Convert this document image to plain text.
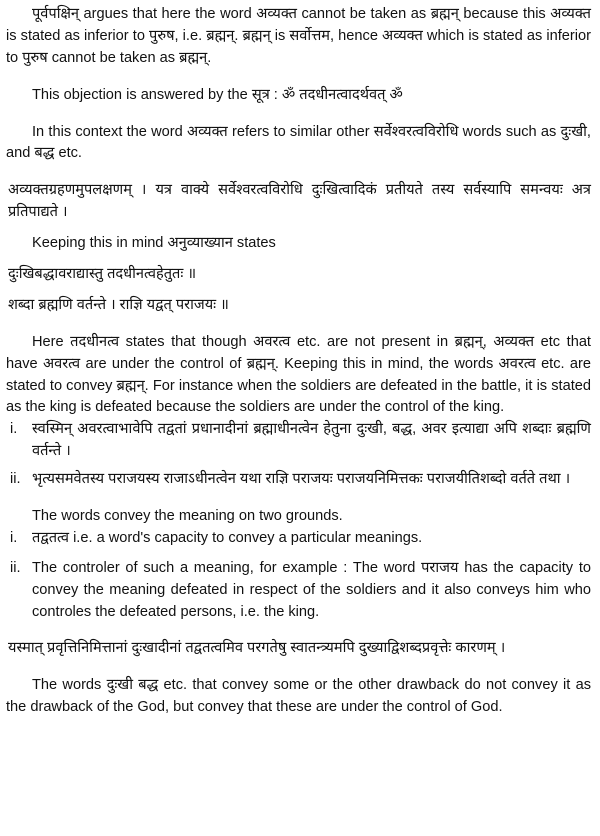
पूर्वपक्षिन् argues that here the word अव्यक्त cannot be taken as ब्रह्मन् because this अव्यक्त is stated as inferior to पुरुष, i.e. ब्रह्मन्. ब्रह्मन् is सर्वोत्तम, hence अव्यक्त which is stated as inferior to पुरुष cannot be taken as ब्रह्मन्.

This objection is answered by the सूत्र : ॐ तदधीनत्वादर्थवत् ॐ

In this context the word अव्यक्त refers to similar other सर्वेश्वरत्वविरोधि words such as दुःखी, and बद्ध etc.

अव्यक्तग्रहणमुपलक्षणम् । यत्र वाक्ये सर्वेश्वरत्वविरोधि दुःखित्वादिकं प्रतीयते तस्य सर्वस्यापि समन्वयः अत्र प्रतिपाद्यते ।

Keeping this in mind अनुव्याख्यान states

दुःखिबद्धावराद्यास्तु तदधीनत्वहेतुतः ॥

शब्दा ब्रह्मणि वर्तन्ते । राज्ञि यद्वत् पराजयः ॥

Here तदधीनत्व states that though अवरत्व etc. are not present in ब्रह्मन्, अव्यक्त etc that have अवरत्व are under the control of ब्रह्मन्. Keeping this in mind, the words अवरत्व etc. are stated to convey ब्रह्मन्. For instance when the soldiers are defeated in the battle, it is stated as the king is defeated because the soldiers are under the control of the king.

i.	स्वस्मिन् अवरत्वाभावेपि तद्वतां प्रधानादीनां ब्रह्माधीनत्वेन हेतुना दुःखी, बद्ध, अवर इत्याद्या अपि शब्दाः ब्रह्मणि वर्तन्ते ।
ii. भृत्यसमवेतस्य पराजयस्य राजाऽधीनत्वेन यथा राज्ञि पराजयः पराजयनिमित्तकः पराजयीतिशब्दो वर्तते तथा ।

The words convey the meaning on two grounds.

i.	तद्वतत्व i.e. a word's capacity to convey a particular meanings.
ii. The controler of such a meaning, for example : The word पराजय has the capacity to convey the meaning defeated in respect of the soldiers and it also conveys him who controles the defeated persons, i.e. the king.

यस्मात् प्रवृत्तिनिमित्तानां दुःखादीनां तद्वतत्वमिव परगतेषु स्वातन्त्र्यमपि दुख्याद्विशब्दप्रवृत्तेः कारणम् ।

The words दुःखी बद्ध etc. that convey some or the other drawback do not convey it as the drawback of the God, but convey that these are under the control of God.
